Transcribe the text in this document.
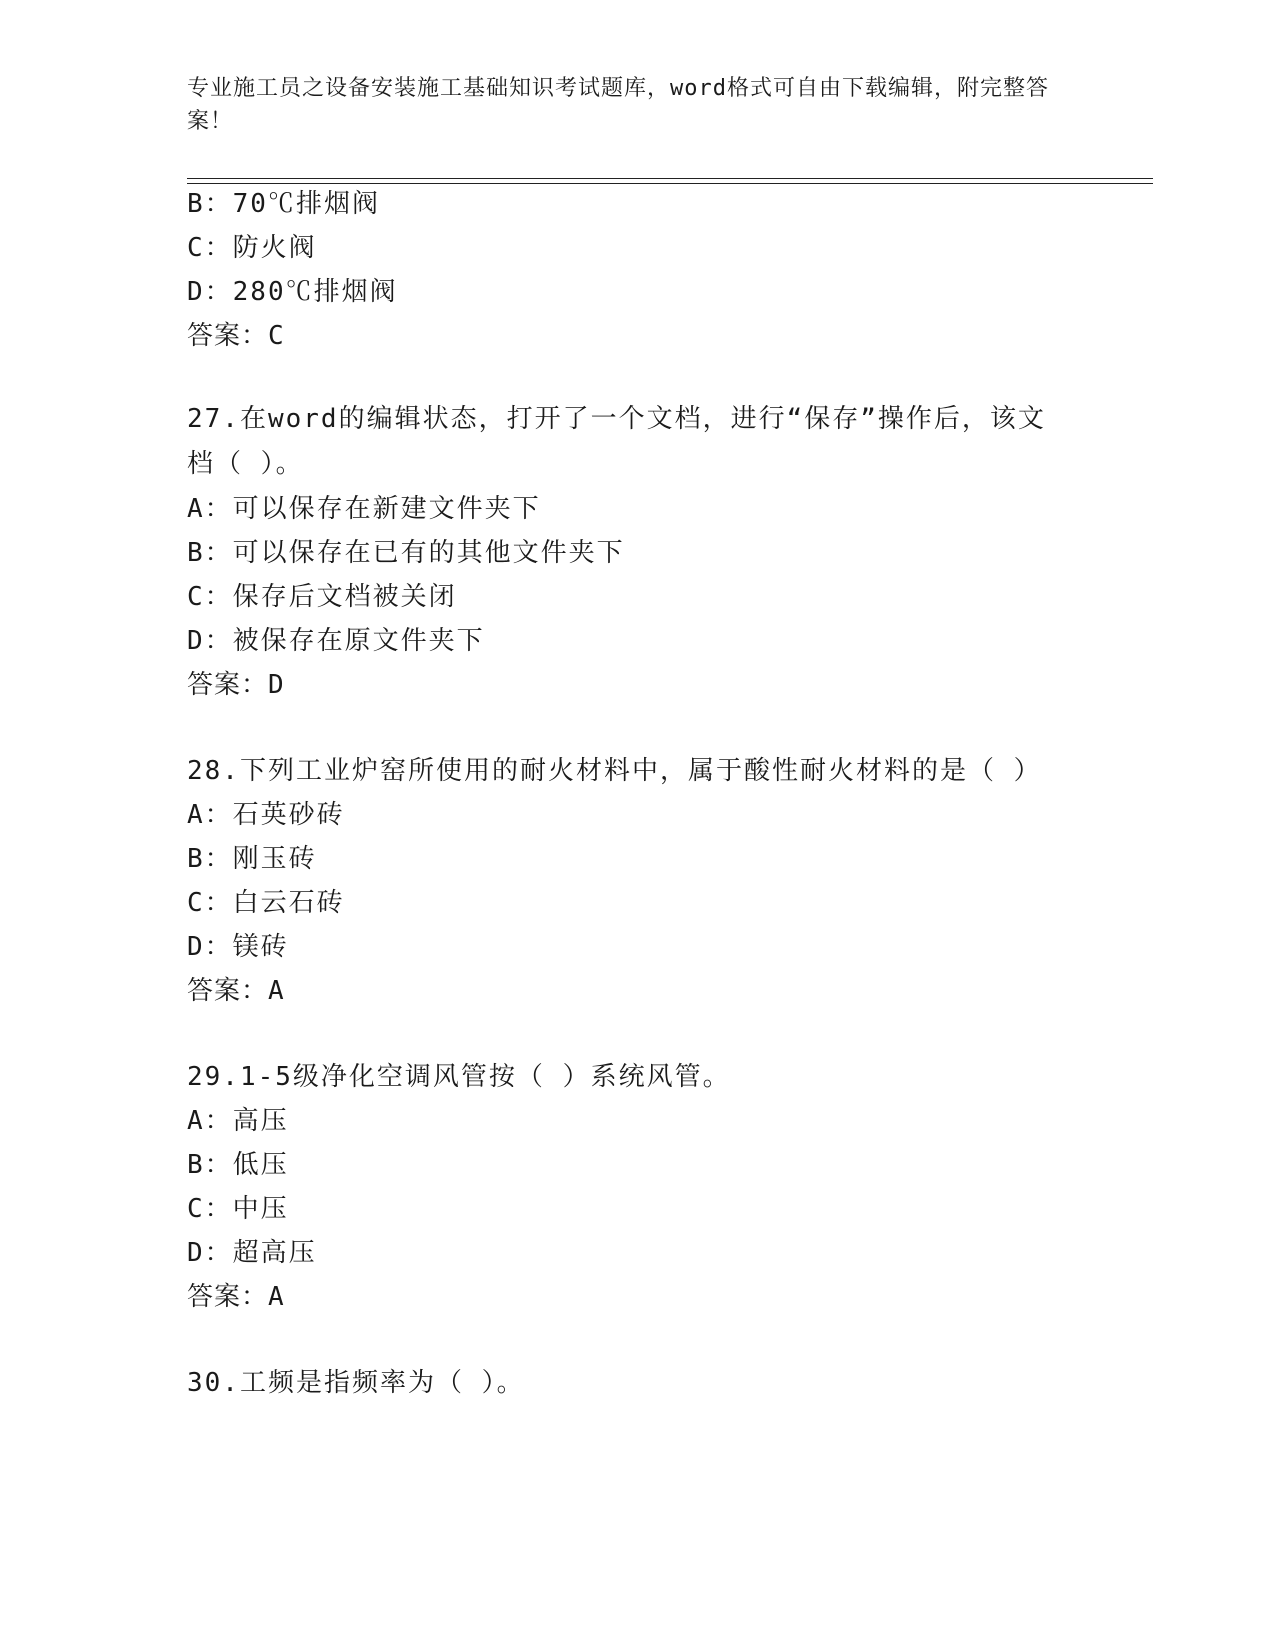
专业施工员之设备安装施工基础知识考试题库，word格式可自由下载编辑，附完整答案！
B：70℃排烟阀
C：防火阀
D：280℃排烟阀
答案：C
27.在word的编辑状态，打开了一个文档，进行“保存”操作后，该文档（ ）。
A：可以保存在新建文件夹下
B：可以保存在已有的其他文件夹下
C：保存后文档被关闭
D：被保存在原文件夹下
答案：D
28.下列工业炉窑所使用的耐火材料中，属于酸性耐火材料的是（ ）
A：石英砂砖
B：刚玉砖
C：白云石砖
D：镁砖
答案：A
29.1-5级净化空调风管按（ ）系统风管。
A：高压
B：低压
C：中压
D：超高压
答案：A
30.工频是指频率为（ ）。
